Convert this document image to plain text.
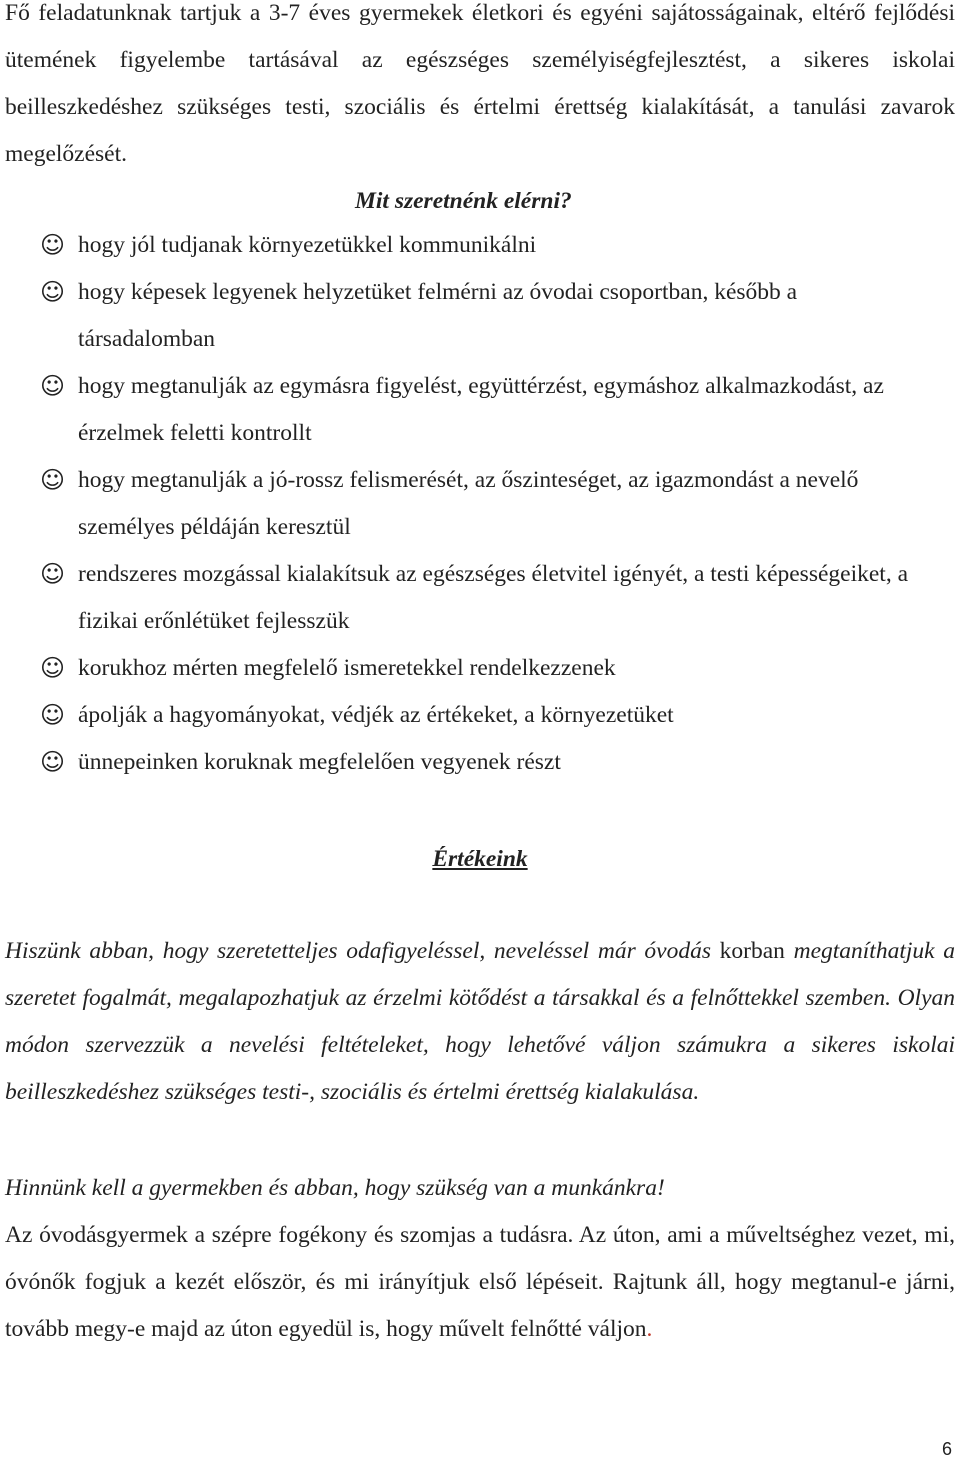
Fő feladatunknak tartjuk a 3-7 éves gyermekek életkori és egyéni sajátosságainak, eltérő fejlődési ütemének figyelembe tartásával az egészséges személyiségfejlesztést, a sikeres iskolai beilleszkedéshez szükséges testi, szociális és értelmi érettség kialakítását, a tanulási zavarok megelőzését.

Mit szeretnénk elérni?

☺ hogy jól tudjanak környezetükkel kommunikálni
☺ hogy képesek legyenek helyzetüket felmérni az óvodai csoportban, később a társadalomban
☺ hogy megtanulják az egymásra figyelést, együttérzést, egymáshoz alkalmazkodást, az érzelmek feletti kontrollt
☺ hogy megtanulják a jó-rossz felismerését, az őszinteséget, az igazmondást a nevelő személyes példáján keresztül
☺ rendszeres mozgással kialakítsuk az egészséges életvitel igényét, a testi képességeiket, a fizikai erőnlétüket fejlesszük
☺ korukhoz mérten megfelelő ismeretekkel rendelkezzenek
☺ ápolják a hagyományokat, védjék az értékeket, a környezetüket
☺ ünnepeinken koruknak megfelelően vegyenek részt

Értékeink

Hiszünk abban, hogy szeretetteljes odafigyeléssel, neveléssel már óvodás korban megtaníthatjuk a szeretet fogalmát, megalapozhatjuk az érzelmi kötődést a társakkal és a felnőttekkel szemben. Olyan módon szervezzük a nevelési feltételeket, hogy lehetővé váljon számukra a sikeres iskolai beilleszkedéshez szükséges testi-, szociális és értelmi érettség kialakulása.

Hinnünk kell a gyermekben és abban, hogy szükség van a munkánkra!

Az óvodásgyermek a szépre fogékony és szomjas a tudásra. Az úton, ami a műveltséghez vezet, mi, óvónők fogjuk a kezét először, és mi irányítjuk első lépéseit. Rajtunk áll, hogy megtanul-e járni, tovább megy-e majd az úton egyedül is, hogy művelt felnőtté váljon.

6
